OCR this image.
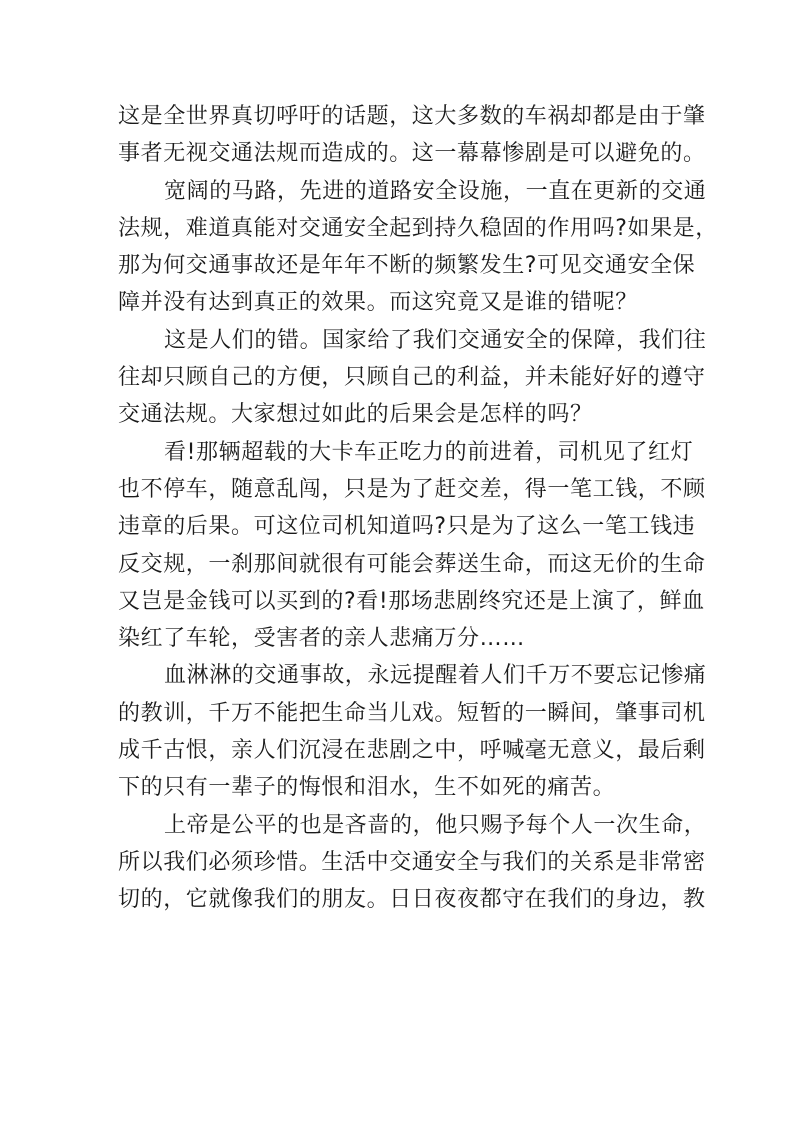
这是全世界真切呼吁的话题，这大多数的车祸却都是由于肇
事者无视交通法规而造成的。这一幕幕惨剧是可以避免的。
宽阔的马路，先进的道路安全设施，一直在更新的交通
法规，难道真能对交通安全起到持久稳固的作用吗?如果是，
那为何交通事故还是年年不断的频繁发生?可见交通安全保
障并没有达到真正的效果。而这究竟又是谁的错呢？
这是人们的错。国家给了我们交通安全的保障，我们往
往却只顾自己的方便，只顾自己的利益，并未能好好的遵守
交通法规。大家想过如此的后果会是怎样的吗？
看!那辆超载的大卡车正吃力的前进着，司机见了红灯
也不停车，随意乱闯，只是为了赶交差，得一笔工钱，不顾
违章的后果。可这位司机知道吗?只是为了这么一笔工钱违
反交规，一刹那间就很有可能会葬送生命，而这无价的生命
又岂是金钱可以买到的?看!那场悲剧终究还是上演了，鲜血
染红了车轮，受害者的亲人悲痛万分……
血淋淋的交通事故，永远提醒着人们千万不要忘记惨痛
的教训，千万不能把生命当儿戏。短暂的一瞬间，肇事司机
成千古恨，亲人们沉浸在悲剧之中，呼喊毫无意义，最后剩
下的只有一辈子的悔恨和泪水，生不如死的痛苦。
上帝是公平的也是吝啬的，他只赐予每个人一次生命，
所以我们必须珍惜。生活中交通安全与我们的关系是非常密
切的，它就像我们的朋友。日日夜夜都守在我们的身边，教
